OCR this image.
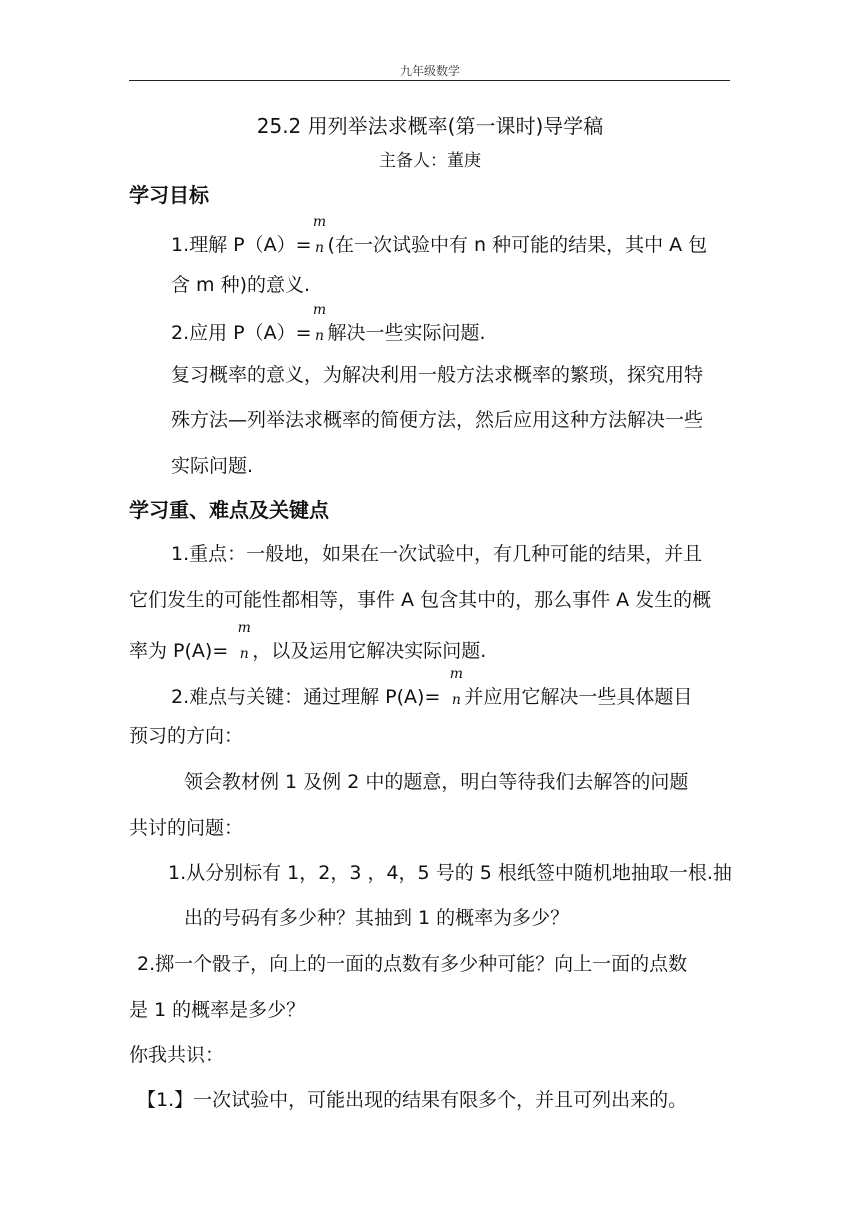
九年级数学
25.2 用列举法求概率(第一课时)导学稿
主备人：董庚
学习目标
1.理解 P（A）=
m
n (在一次试验中有 n 种可能的结果，其中 A 包
含 m 种)的意义.
2.应用 P（A）=
m
n 解决一些实际问题.
复习概率的意义，为解决利用一般方法求概率的繁琐，探究用特
殊方法—列举法求概率的简便方法，然后应用这种方法解决一些
实际问题.
学习重、难点及关键点
1.重点：一般地，如果在一次试验中，有几种可能的结果，并且
它们发生的可能性都相等，事件 A 包含其中的，那么事件 A 发生的概
率为 P(A)=
m
n ，以及运用它解决实际问题.
2.难点与关键：通过理解 P(A)=
m
n 并应用它解决一些具体题目
预习的方向：
领会教材例 1 及例 2 中的题意，明白等待我们去解答的问题
共讨的问题：
1.从分别标有 1，2，3 ，4，5 号的 5 根纸签中随机地抽取一根.抽
出的号码有多少种？其抽到 1 的概率为多少？
2.掷一个骰子，向上的一面的点数有多少种可能？向上一面的点数
是 1 的概率是多少？
你我共识：
【1.】一次试验中，可能出现的结果有限多个，并且可列出来的。
